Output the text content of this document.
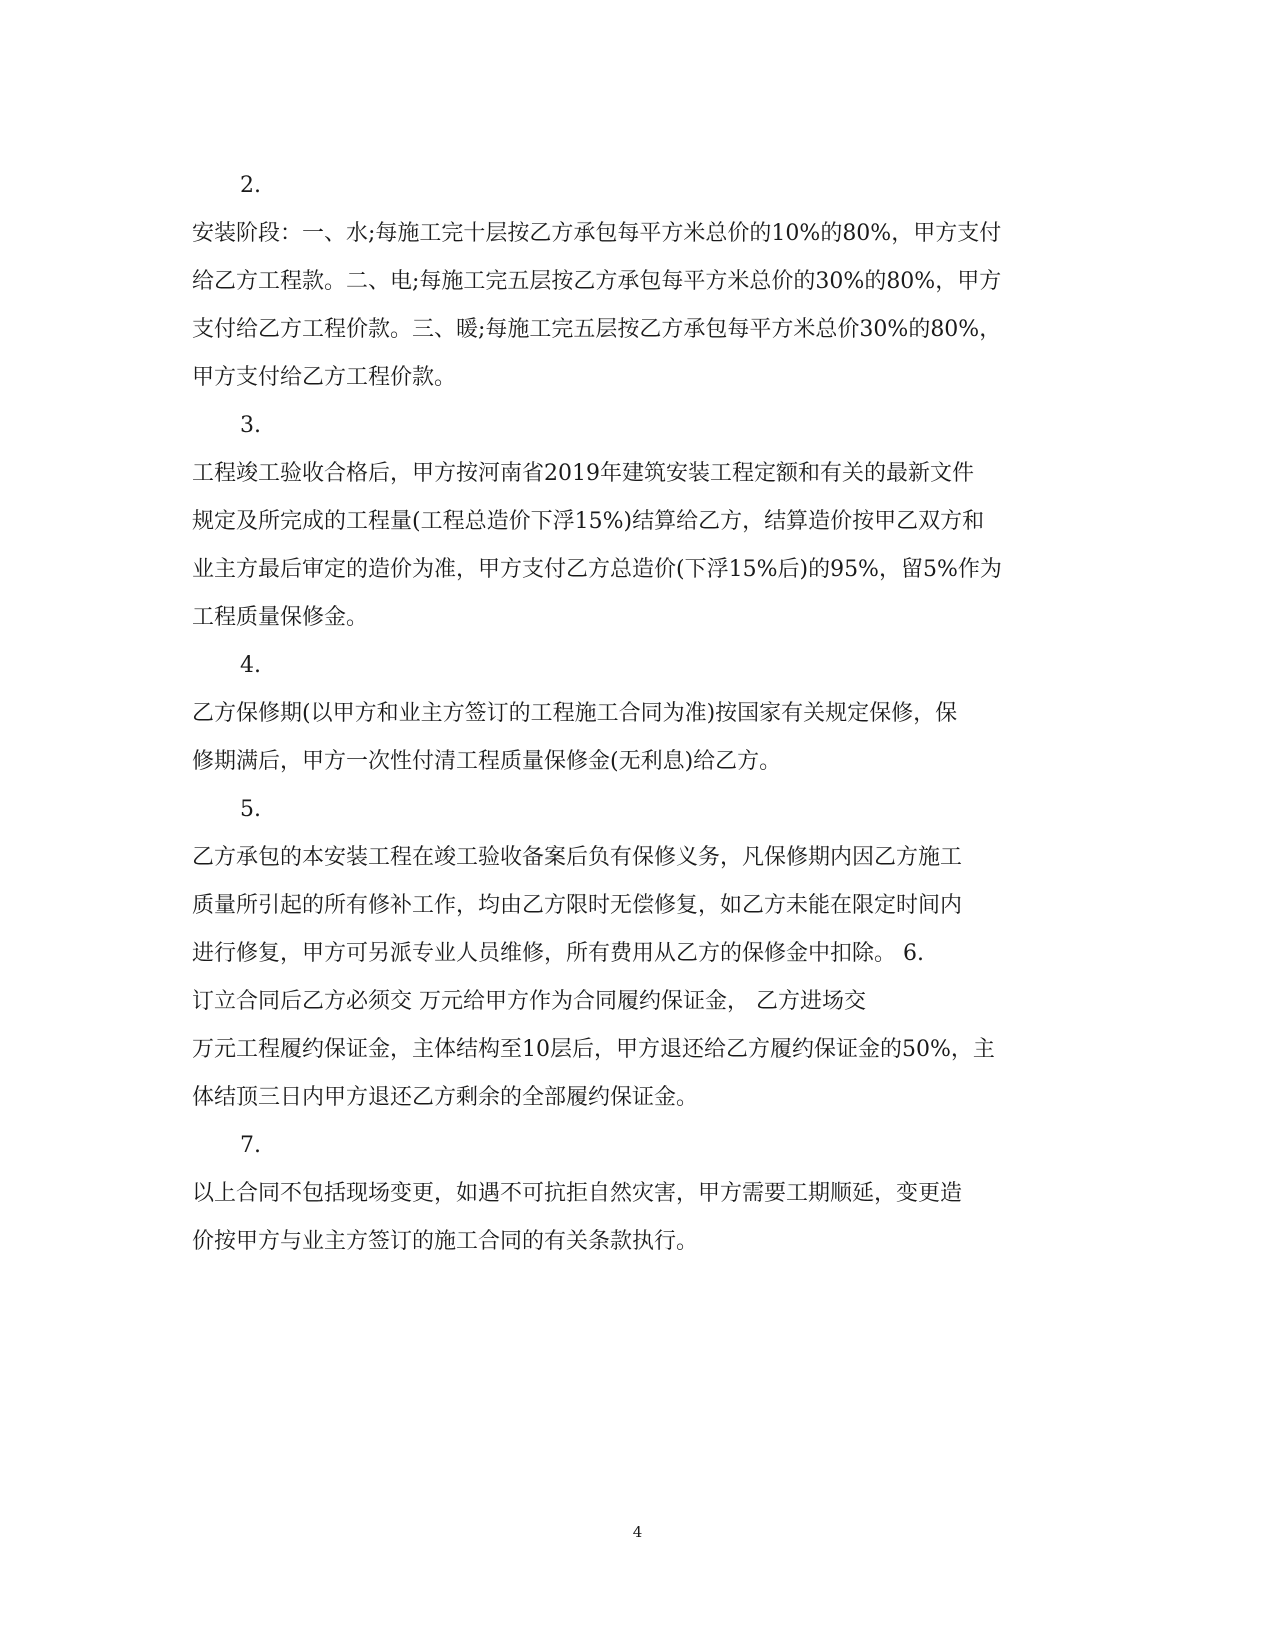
2.
安装阶段：一、水;每施工完十层按乙方承包每平方米总价的10%的80%，甲方支付
给乙方工程款。二、电;每施工完五层按乙方承包每平方米总价的30%的80%，甲方
支付给乙方工程价款。三、暖;每施工完五层按乙方承包每平方米总价30%的80%，
甲方支付给乙方工程价款。
3.
工程竣工验收合格后，甲方按河南省2019年建筑安装工程定额和有关的最新文件
规定及所完成的工程量(工程总造价下浮15%)结算给乙方，结算造价按甲乙双方和
业主方最后审定的造价为准，甲方支付乙方总造价(下浮15%后)的95%，留5%作为
工程质量保修金。
4.
乙方保修期(以甲方和业主方签订的工程施工合同为准)按国家有关规定保修，保
修期满后，甲方一次性付清工程质量保修金(无利息)给乙方。
5.
乙方承包的本安装工程在竣工验收备案后负有保修义务，凡保修期内因乙方施工
质量所引起的所有修补工作，均由乙方限时无偿修复，如乙方未能在限定时间内
进行修复，甲方可另派专业人员维修，所有费用从乙方的保修金中扣除。 6.
订立合同后乙方必须交 万元给甲方作为合同履约保证金， 乙方进场交
万元工程履约保证金，主体结构至10层后，甲方退还给乙方履约保证金的50%，主
体结顶三日内甲方退还乙方剩余的全部履约保证金。
7.
以上合同不包括现场变更，如遇不可抗拒自然灾害，甲方需要工期顺延，变更造
价按甲方与业主方签订的施工合同的有关条款执行。
4
